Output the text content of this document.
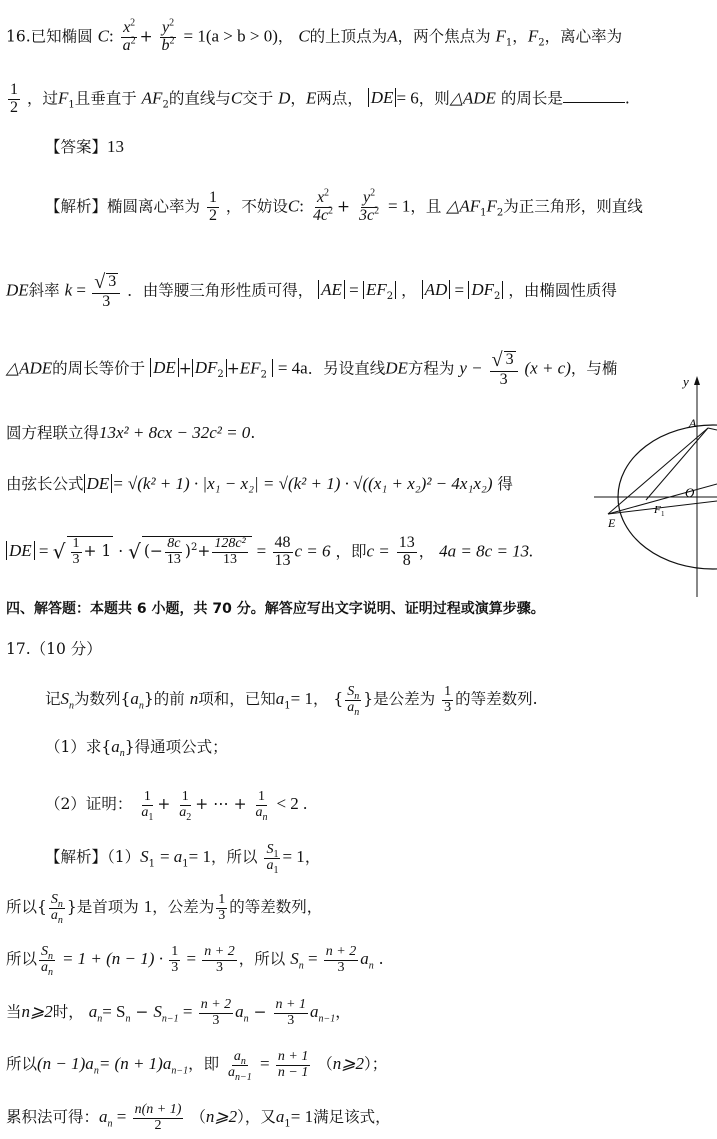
16.已知椭圆 C: $\frac{x^2}{a^2} + \frac{y^2}{b^2} = 1(a > b > 0)$， C的上顶点为A，两个焦点为 $F_1$，$F_2$，离心率为
$\frac{1}{2}$ ，过$F_1$且垂直于 $AF_2$的直线与C交于 D，E两点， DE = 6，则△ADE 的周长是	.
【答案】13
【解析】椭圆离心率为 $\frac{1}{2}$ ，不妨设C: $\frac{x^2}{4c^2} + \frac{y^2}{3c^2} = 1$，且 $\triangle AF_1F_2$为正三角形，则直线
DE斜率 $k = \frac{√ 3}{3}$ ．由等腰三角形性质可得， AE = $EF_2$ ， AD = $DF_2$ ，由椭圆性质得
△ADE的周长等价于 DE + $DF_2 +EF_2 = 4a$．另设直线DE方程为 $y - \frac{√ 3}{3} (x + c)$，与椭
圆方程联立得13x² + 8cx − 32c² = 0.
由弦长公式 DE = √(k² + 1) · |x₁ − x₂| = √(k² + 1) · √((x₁ + x₂)² − 4x₁x₂) 得
DE = √ $\frac{1}{3} + 1$ · √ (− $\frac{8c}{13} )^2+ \frac{\text{128c²}}{13} = \frac{48}{13}$ c = 6 ，即$c = \frac{13}{8}$ ， 4a = 8c = 13.
y
A
O
E
F 1
四、解答题：本题共 6 小题，共 70 分。解答应写出文字说明、证明过程或演算步骤。
17.（10 分）
记$S_n$为数列$\{a_n\}$的前 n项和，已知$a_1= 1$， { $\frac{S_n}{a_n}$ }是公差为 $\frac{1}{3}$ 的等差数列.
（1）求$\{a_n\}$得通项公式；
（2）证明： $\frac{1}{a_1} + \frac{1}{a_2}$ + ⋯ + $\frac{1}{a_n} < 2$ .
【解析】$(1)S_1 = a_1= 1$，所以 $\frac{S_1}{a_1} = 1$，
所以{ $\frac{S_n}{a_n}$ }是首项为 1，公差为 $\frac{1}{3}$ 的等差数列，
所以 $\frac{S_n}{a_n} = 1 + (n - 1) \cdot \frac{1}{3} = \frac{n + 2}{3}$ ，所以 $S_n = \frac{n + 2}{3} a_n$ .
当n⩾2时， $a_n= S_n - S_{n-1} = \frac{n + 2}{3} a_n - \frac{n + 1}{3} a_{n-1}$，
所以$(n - 1)a_n= (n + 1)a_{n-1}$，即 $\frac{a_n}{a_{n-1}} = \frac{n + 1}{n - 1}$ （n⩾2）；
累积法可得：$a_n = \frac{n(n + 1)}{2}$ （n⩾2），又$a_1= 1$满足该式，
